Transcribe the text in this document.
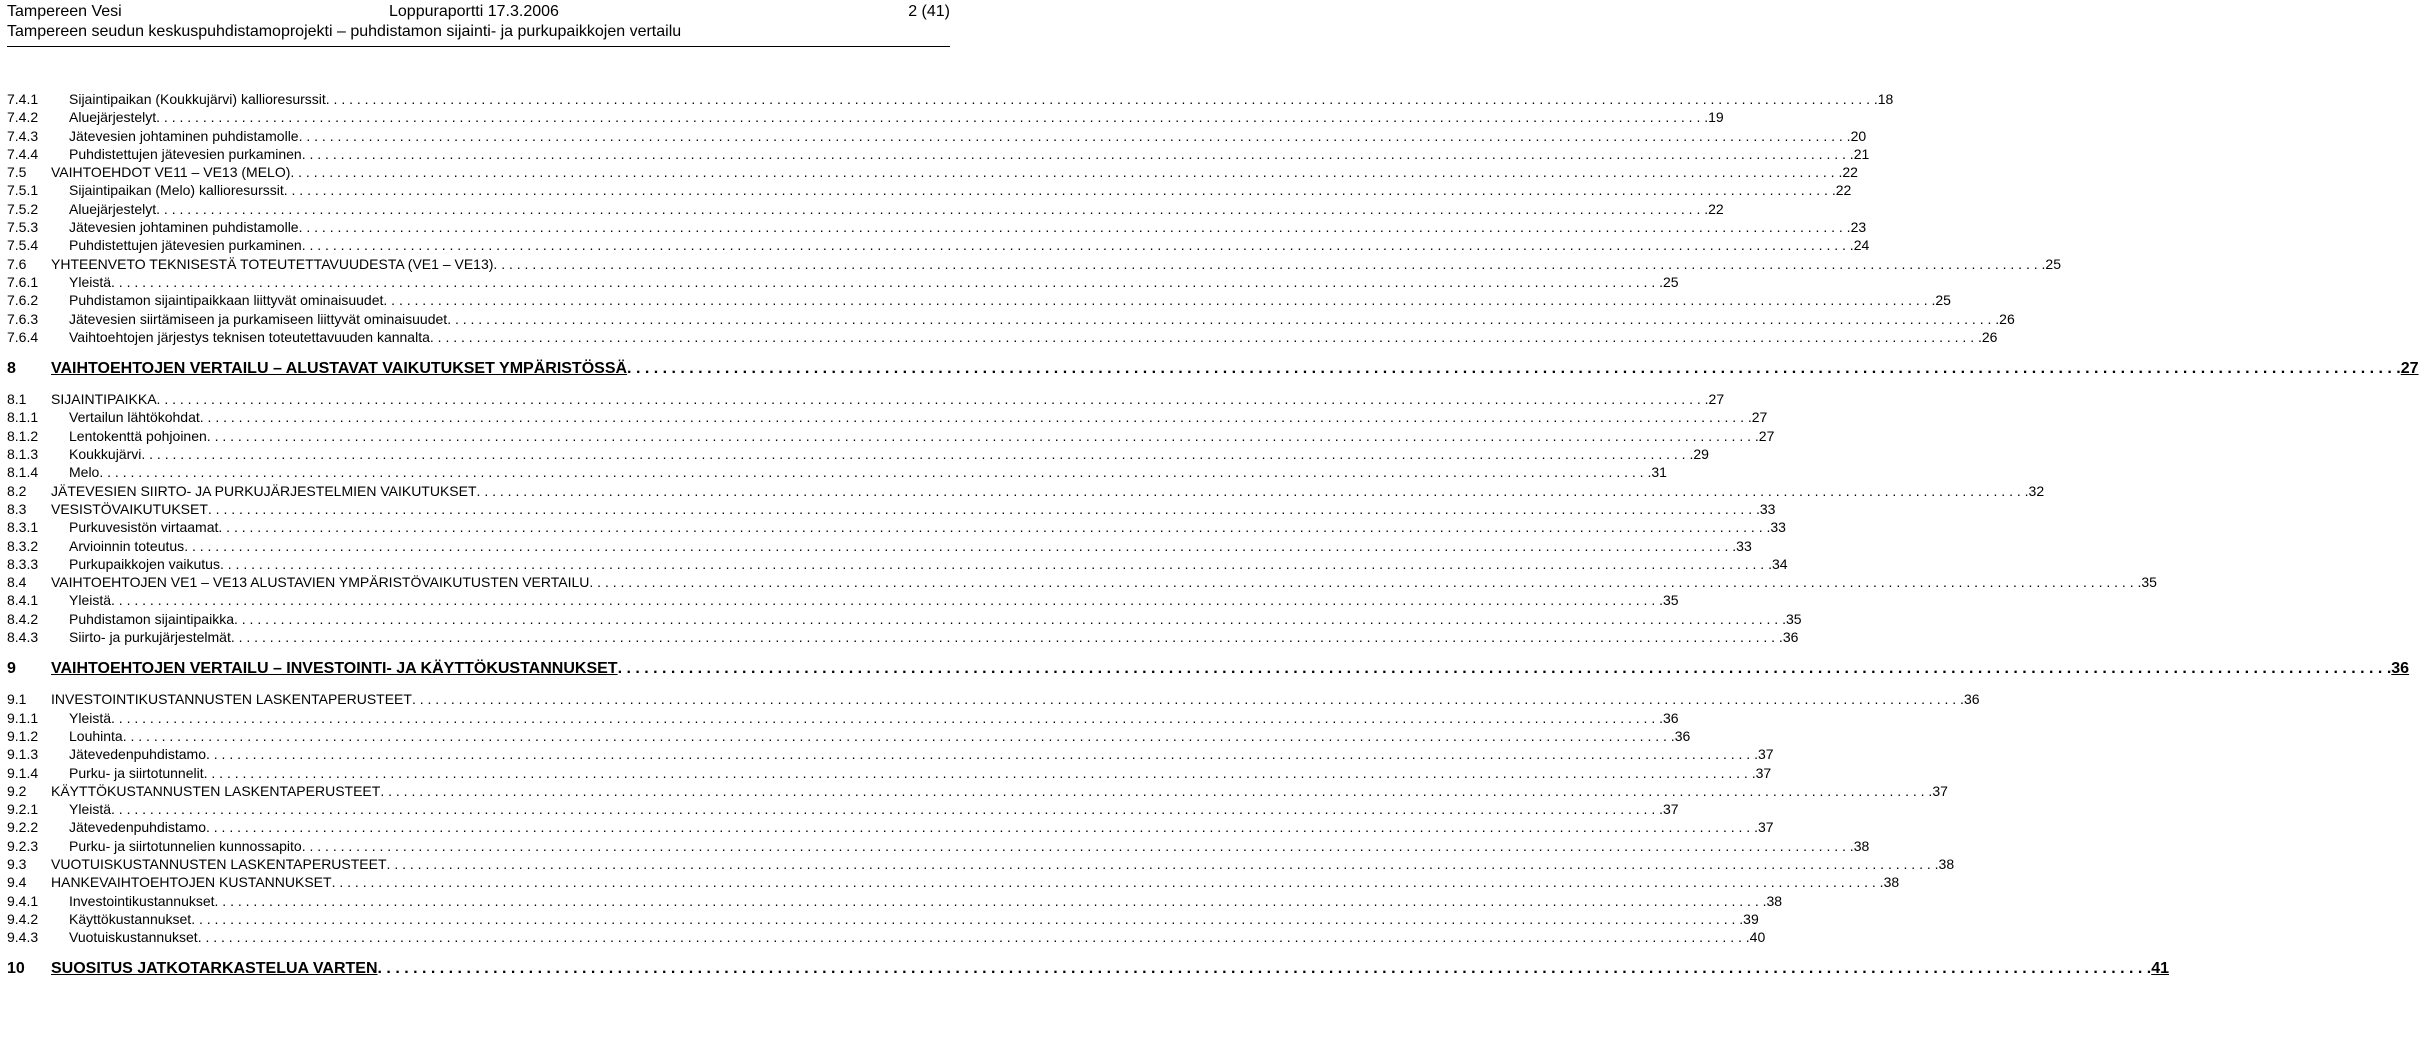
Tampereen Vesi	Loppuraportti 17.3.2006	2 (41)
Tampereen seudun keskuspuhdistamoprojekti – puhdistamon sijainti- ja purkupaikkojen vertailu
7.4.1 Sijaintipaikan (Koukkujärvi) kallioresurssit . . . . . . . . . . . . . . . . . . . . . . . . . . . . . . . . . . . . . . . . . . . . . . . . . . . . . . . . . . . . . . . . . . . . . . . . . . . . . . . . . . . . . . . . . . . . . . . . . . . . . . . . . . . . . . . . . . . . . . . . . . . . . . . . . . . . . . . . . . . . . . . . . . . . . . . . . . . . . . . . . . . . . . . . . . . . . . . . . . . . . . . . . . . . . . . . . . . . . . . . 18
7.4.2 Aluejärjestelyt . . . . . . . . . . . . . . . . . . . . . . . . . . . . . . . . . . . . . . . . . . . . . . . . . . . . . . . . . . . . . . . . . . . . . . . . . . . . . . . . . . . . . . . . . . . . . . . . . . . . . . . . . . . . . . . . . . . . . . . . . . . . . . . . . . . . . . . . . . . . . . . . . . . . . . . . . . . . . . . . . . . . . . . . . . . . . . . . . . . . . . . . . . . . . . . . . . . . . . . . 19
7.4.3 Jätevesien johtaminen puhdistamolle . . . . . . . . . . . . . . . . . . . . . . . . . . . . . . . . . . . . . . . . . . . . . . . . . . . . . . . . . . . . . . . . . . . . . . . . . . . . . . . . . . . . . . . . . . . . . . . . . . . . . . . . . . . . . . . . . . . . . . . . . . . . . . . . . . . . . . . . . . . . . . . . . . . . . . . . . . . . . . . . . . . . . . . . . . . . . . . . . . . . . . . . . . . . . . . . . . . . . . . . 20
7.4.4 Puhdistettujen jätevesien purkaminen . . . . . . . . . . . . . . . . . . . . . . . . . . . . . . . . . . . . . . . . . . . . . . . . . . . . . . . . . . . . . . . . . . . . . . . . . . . . . . . . . . . . . . . . . . . . . . . . . . . . . . . . . . . . . . . . . . . . . . . . . . . . . . . . . . . . . . . . . . . . . . . . . . . . . . . . . . . . . . . . . . . . . . . . . . . . . . . . . . . . . . . . . . . . . . . . . . . . . . . . 21
7.5 VAIHTOEHDOT VE11 – VE13 (MELO) . . . . . . . . . . . . . . . . . . . . . . . . . . . . . . . . . . . . . . . . . . . . . . . . . . . . . . . . . . . . . . . . . . . . . . . . . . . . . . . . . . . . . . . . . . . . . . . . . . . . . . . . . . . . . . . . . . . . . . . . . . . . . . . . . . . . . . . . . . . . . . . . . . . . . . . . . . . . . . . . . . . . . . . . . . . . . . . . . . . . . . . . . . . . . . . . . . . . . . . . 22
7.5.1 Sijaintipaikan (Melo) kallioresurssit . . . . . . . . . . . . . . . . . . . . . . . . . . . . . . . . . . . . . . . . . . . . . . . . . . . . . . . . . . . . . . . . . . . . . . . . . . . . . . . . . . . . . . . . . . . . . . . . . . . . . . . . . . . . . . . . . . . . . . . . . . . . . . . . . . . . . . . . . . . . . . . . . . . . . . . . . . . . . . . . . . . . . . . . . . . . . . . . . . . . . . . . . . . . . . . . . . . . . . . . 22
7.5.2 Aluejärjestelyt . . . . . . . . . . . . . . . . . . . . . . . . . . . . . . . . . . . . . . . . . . . . . . . . . . . . . . . . . . . . . . . . . . . . . . . . . . . . . . . . . . . . . . . . . . . . . . . . . . . . . . . . . . . . . . . . . . . . . . . . . . . . . . . . . . . . . . . . . . . . . . . . . . . . . . . . . . . . . . . . . . . . . . . . . . . . . . . . . . . . . . . . . . . . . . . . . . . . . . . . 22
7.5.3 Jätevesien johtaminen puhdistamolle . . . . . . . . . . . . . . . . . . . . . . . . . . . . . . . . . . . . . . . . . . . . . . . . . . . . . . . . . . . . . . . . . . . . . . . . . . . . . . . . . . . . . . . . . . . . . . . . . . . . . . . . . . . . . . . . . . . . . . . . . . . . . . . . . . . . . . . . . . . . . . . . . . . . . . . . . . . . . . . . . . . . . . . . . . . . . . . . . . . . . . . . . . . . . . . . . . . . . . . . 23
7.5.4 Puhdistettujen jätevesien purkaminen . . . . . . . . . . . . . . . . . . . . . . . . . . . . . . . . . . . . . . . . . . . . . . . . . . . . . . . . . . . . . . . . . . . . . . . . . . . . . . . . . . . . . . . . . . . . . . . . . . . . . . . . . . . . . . . . . . . . . . . . . . . . . . . . . . . . . . . . . . . . . . . . . . . . . . . . . . . . . . . . . . . . . . . . . . . . . . . . . . . . . . . . . . . . . . . . . . . . . . . . 24
7.6 YHTEENVETO TEKNISESTÄ TOTEUTETTAVUUDESTA (VE1 – VE13) . . . . . . . . . . . . . . . . . . . . . . . . . . . . . . . . . . . . . . . . . . . . . . . . . . . . . . . . . . . . . . . . . . . . . . . . . . . . . . . . . . . . . . . . . . . . . . . . . . . . . . . . . . . . . . . . . . . . . . . . . . . . . . . . . . . . . . . . . . . . . . . . . . . . . . . . . . . . . . . . . . . . . . . . . . . . . . . . . . . . . . . . . . . . . . . . . . . . . . . . 25
7.6.1 Yleistä . . . . . . . . . . . . . . . . . . . . . . . . . . . . . . . . . . . . . . . . . . . . . . . . . . . . . . . . . . . . . . . . . . . . . . . . . . . . . . . . . . . . . . . . . . . . . . . . . . . . . . . . . . . . . . . . . . . . . . . . . . . . . . . . . . . . . . . . . . . . . . . . . . . . . . . . . . . . . . . . . . . . . . . . . . . . . . . . . . . . . . . . . . . . . . . . . . . . . . . . 25
7.6.2 Puhdistamon sijaintipaikkaan liittyvät ominaisuudet . . . . . . . . . . . . . . . . . . . . . . . . . . . . . . . . . . . . . . . . . . . . . . . . . . . . . . . . . . . . . . . . . . . . . . . . . . . . . . . . . . . . . . . . . . . . . . . . . . . . . . . . . . . . . . . . . . . . . . . . . . . . . . . . . . . . . . . . . . . . . . . . . . . . . . . . . . . . . . . . . . . . . . . . . . . . . . . . . . . . . . . . . . . . . . . . . . . . . . . . 25
7.6.3 Jätevesien siirtämiseen ja purkamiseen liittyvät ominaisuudet . . . . . . . . . . . . . . . . . . . . . . . . . . . . . . . . . . . . . . . . . . . . . . . . . . . . . . . . . . . . . . . . . . . . . . . . . . . . . . . . . . . . . . . . . . . . . . . . . . . . . . . . . . . . . . . . . . . . . . . . . . . . . . . . . . . . . . . . . . . . . . . . . . . . . . . . . . . . . . . . . . . . . . . . . . . . . . . . . . . . . . . . . . . . . . . . . . . . . . . . 26
7.6.4 Vaihtoehtojen järjestys teknisen toteutettavuuden kannalta . . . . . . . . . . . . . . . . . . . . . . . . . . . . . . . . . . . . . . . . . . . . . . . . . . . . . . . . . . . . . . . . . . . . . . . . . . . . . . . . . . . . . . . . . . . . . . . . . . . . . . . . . . . . . . . . . . . . . . . . . . . . . . . . . . . . . . . . . . . . . . . . . . . . . . . . . . . . . . . . . . . . . . . . . . . . . . . . . . . . . . . . . . . . . . . . . . . . . . . . 26
8 VAIHTOEHTOJEN VERTAILU – ALUSTAVAT VAIKUTUKSET YMPÄRISTÖSSÄ . . . . . . . . . . . . . . . . . . . . . . . . . . . . . . . . . . . . . . . . . . . . . . . . . . . . . . . . . . . . . . . . . . . . . . . . . . . . . . . . . . . . . . . . . . . . . . . . . . . . . . . . . . . . . . . . . . . . . . . . . . . . . . . . . . . . . . . . . . . . . . . . . . . . . . . . . . . . . . . . . . . . . . . . . . . . . . . . . . . . . . . . . . . . . . . . . . . . . . . . 27
8.1 SIJAINTIPAIKKA . . . . . . . . . . . . . . . . . . . . . . . . . . . . . . . . . . . . . . . . . . . . . . . . . . . . . . . . . . . . . . . . . . . . . . . . . . . . . . . . . . . . . . . . . . . . . . . . . . . . . . . . . . . . . . . . . . . . . . . . . . . . . . . . . . . . . . . . . . . . . . . . . . . . . . . . . . . . . . . . . . . . . . . . . . . . . . . . . . . . . . . . . . . . . . . . . . . . . . . . 27
8.1.1 Vertailun lähtökohdat . . . . . . . . . . . . . . . . . . . . . . . . . . . . . . . . . . . . . . . . . . . . . . . . . . . . . . . . . . . . . . . . . . . . . . . . . . . . . . . . . . . . . . . . . . . . . . . . . . . . . . . . . . . . . . . . . . . . . . . . . . . . . . . . . . . . . . . . . . . . . . . . . . . . . . . . . . . . . . . . . . . . . . . . . . . . . . . . . . . . . . . . . . . . . . . . . . . . . . . . 27
8.1.2 Lentokenttä pohjoinen . . . . . . . . . . . . . . . . . . . . . . . . . . . . . . . . . . . . . . . . . . . . . . . . . . . . . . . . . . . . . . . . . . . . . . . . . . . . . . . . . . . . . . . . . . . . . . . . . . . . . . . . . . . . . . . . . . . . . . . . . . . . . . . . . . . . . . . . . . . . . . . . . . . . . . . . . . . . . . . . . . . . . . . . . . . . . . . . . . . . . . . . . . . . . . . . . . . . . . . . 27
8.1.3 Koukkujärvi . . . . . . . . . . . . . . . . . . . . . . . . . . . . . . . . . . . . . . . . . . . . . . . . . . . . . . . . . . . . . . . . . . . . . . . . . . . . . . . . . . . . . . . . . . . . . . . . . . . . . . . . . . . . . . . . . . . . . . . . . . . . . . . . . . . . . . . . . . . . . . . . . . . . . . . . . . . . . . . . . . . . . . . . . . . . . . . . . . . . . . . . . . . . . . . . . . . . . . . . 29
8.1.4 Melo . . . . . . . . . . . . . . . . . . . . . . . . . . . . . . . . . . . . . . . . . . . . . . . . . . . . . . . . . . . . . . . . . . . . . . . . . . . . . . . . . . . . . . . . . . . . . . . . . . . . . . . . . . . . . . . . . . . . . . . . . . . . . . . . . . . . . . . . . . . . . . . . . . . . . . . . . . . . . . . . . . . . . . . . . . . . . . . . . . . . . . . . . . . . . . . . . . . . . . . . 31
8.2 JÄTEVESIEN SIIRTO- JA PURKUJÄRJESTELMIEN VAIKUTUKSET . . . . . . . . . . . . . . . . . . . . . . . . . . . . . . . . . . . . . . . . . . . . . . . . . . . . . . . . . . . . . . . . . . . . . . . . . . . . . . . . . . . . . . . . . . . . . . . . . . . . . . . . . . . . . . . . . . . . . . . . . . . . . . . . . . . . . . . . . . . . . . . . . . . . . . . . . . . . . . . . . . . . . . . . . . . . . . . . . . . . . . . . . . . . . . . . . . . . . . . . 32
8.3 VESISTÖVAIKUTUKSET . . . . . . . . . . . . . . . . . . . . . . . . . . . . . . . . . . . . . . . . . . . . . . . . . . . . . . . . . . . . . . . . . . . . . . . . . . . . . . . . . . . . . . . . . . . . . . . . . . . . . . . . . . . . . . . . . . . . . . . . . . . . . . . . . . . . . . . . . . . . . . . . . . . . . . . . . . . . . . . . . . . . . . . . . . . . . . . . . . . . . . . . . . . . . . . . . . . . . . . . 33
8.3.1 Purkuvesistön virtaamat . . . . . . . . . . . . . . . . . . . . . . . . . . . . . . . . . . . . . . . . . . . . . . . . . . . . . . . . . . . . . . . . . . . . . . . . . . . . . . . . . . . . . . . . . . . . . . . . . . . . . . . . . . . . . . . . . . . . . . . . . . . . . . . . . . . . . . . . . . . . . . . . . . . . . . . . . . . . . . . . . . . . . . . . . . . . . . . . . . . . . . . . . . . . . . . . . . . . . . . . 33
8.3.2 Arvioinnin toteutus . . . . . . . . . . . . . . . . . . . . . . . . . . . . . . . . . . . . . . . . . . . . . . . . . . . . . . . . . . . . . . . . . . . . . . . . . . . . . . . . . . . . . . . . . . . . . . . . . . . . . . . . . . . . . . . . . . . . . . . . . . . . . . . . . . . . . . . . . . . . . . . . . . . . . . . . . . . . . . . . . . . . . . . . . . . . . . . . . . . . . . . . . . . . . . . . . . . . . . . . 33
8.3.3 Purkupaikkojen vaikutus . . . . . . . . . . . . . . . . . . . . . . . . . . . . . . . . . . . . . . . . . . . . . . . . . . . . . . . . . . . . . . . . . . . . . . . . . . . . . . . . . . . . . . . . . . . . . . . . . . . . . . . . . . . . . . . . . . . . . . . . . . . . . . . . . . . . . . . . . . . . . . . . . . . . . . . . . . . . . . . . . . . . . . . . . . . . . . . . . . . . . . . . . . . . . . . . . . . . . . . . 34
8.4 VAIHTOEHTOJEN VE1 – VE13 ALUSTAVIEN YMPÄRISTÖVAIKUTUSTEN VERTAILU . . . . . . . . . . . . . . . . . . . . . . . . . . . . . . . . . . . . . . . . . . . . . . . . . . . . . . . . . . . . . . . . . . . . . . . . . . . . . . . . . . . . . . . . . . . . . . . . . . . . . . . . . . . . . . . . . . . . . . . . . . . . . . . . . . . . . . . . . . . . . . . . . . . . . . . . . . . . . . . . . . . . . . . . . . . . . . . . . . . . . . . . . . . . . . . . . . . . . . . . 35
8.4.1 Yleistä . . . . . . . . . . . . . . . . . . . . . . . . . . . . . . . . . . . . . . . . . . . . . . . . . . . . . . . . . . . . . . . . . . . . . . . . . . . . . . . . . . . . . . . . . . . . . . . . . . . . . . . . . . . . . . . . . . . . . . . . . . . . . . . . . . . . . . . . . . . . . . . . . . . . . . . . . . . . . . . . . . . . . . . . . . . . . . . . . . . . . . . . . . . . . . . . . . . . . . . . 35
8.4.2 Puhdistamon sijaintipaikka . . . . . . . . . . . . . . . . . . . . . . . . . . . . . . . . . . . . . . . . . . . . . . . . . . . . . . . . . . . . . . . . . . . . . . . . . . . . . . . . . . . . . . . . . . . . . . . . . . . . . . . . . . . . . . . . . . . . . . . . . . . . . . . . . . . . . . . . . . . . . . . . . . . . . . . . . . . . . . . . . . . . . . . . . . . . . . . . . . . . . . . . . . . . . . . . . . . . . . . . 35
8.4.3 Siirto- ja purkujärjestelmät . . . . . . . . . . . . . . . . . . . . . . . . . . . . . . . . . . . . . . . . . . . . . . . . . . . . . . . . . . . . . . . . . . . . . . . . . . . . . . . . . . . . . . . . . . . . . . . . . . . . . . . . . . . . . . . . . . . . . . . . . . . . . . . . . . . . . . . . . . . . . . . . . . . . . . . . . . . . . . . . . . . . . . . . . . . . . . . . . . . . . . . . . . . . . . . . . . . . . . . . 36
9 VAIHTOEHTOJEN VERTAILU – INVESTOINTI- JA KÄYTTÖKUSTANNUKSET . . . . . . . . . . . . . . . . . . . . . . . . . . . . . . . . . . . . . . . . . . . . . . . . . . . . . . . . . . . . . . . . . . . . . . . . . . . . . . . . . . . . . . . . . . . . . . . . . . . . . . . . . . . . . . . . . . . . . . . . . . . . . . . . . . . . . . . . . . . . . . . . . . . . . . . . . . . . . . . . . . . . . . . . . . . . . . . . . . . . . . . . . . . . . . . . . . . . . . . . 36
9.1 INVESTOINTIKUSTANNUSTEN LASKENTAPERUSTEET . . . . . . . . . . . . . . . . . . . . . . . . . . . . . . . . . . . . . . . . . . . . . . . . . . . . . . . . . . . . . . . . . . . . . . . . . . . . . . . . . . . . . . . . . . . . . . . . . . . . . . . . . . . . . . . . . . . . . . . . . . . . . . . . . . . . . . . . . . . . . . . . . . . . . . . . . . . . . . . . . . . . . . . . . . . . . . . . . . . . . . . . . . . . . . . . . . . . . . . . 36
9.1.1 Yleistä . . . . . . . . . . . . . . . . . . . . . . . . . . . . . . . . . . . . . . . . . . . . . . . . . . . . . . . . . . . . . . . . . . . . . . . . . . . . . . . . . . . . . . . . . . . . . . . . . . . . . . . . . . . . . . . . . . . . . . . . . . . . . . . . . . . . . . . . . . . . . . . . . . . . . . . . . . . . . . . . . . . . . . . . . . . . . . . . . . . . . . . . . . . . . . . . . . . . . . . . 36
9.1.2 Louhinta . . . . . . . . . . . . . . . . . . . . . . . . . . . . . . . . . . . . . . . . . . . . . . . . . . . . . . . . . . . . . . . . . . . . . . . . . . . . . . . . . . . . . . . . . . . . . . . . . . . . . . . . . . . . . . . . . . . . . . . . . . . . . . . . . . . . . . . . . . . . . . . . . . . . . . . . . . . . . . . . . . . . . . . . . . . . . . . . . . . . . . . . . . . . . . . . . . . . . . . . 36
9.1.3 Jätevedenpuhdistamo . . . . . . . . . . . . . . . . . . . . . . . . . . . . . . . . . . . . . . . . . . . . . . . . . . . . . . . . . . . . . . . . . . . . . . . . . . . . . . . . . . . . . . . . . . . . . . . . . . . . . . . . . . . . . . . . . . . . . . . . . . . . . . . . . . . . . . . . . . . . . . . . . . . . . . . . . . . . . . . . . . . . . . . . . . . . . . . . . . . . . . . . . . . . . . . . . . . . . . . . 37
9.1.4 Purku- ja siirtotunnelit . . . . . . . . . . . . . . . . . . . . . . . . . . . . . . . . . . . . . . . . . . . . . . . . . . . . . . . . . . . . . . . . . . . . . . . . . . . . . . . . . . . . . . . . . . . . . . . . . . . . . . . . . . . . . . . . . . . . . . . . . . . . . . . . . . . . . . . . . . . . . . . . . . . . . . . . . . . . . . . . . . . . . . . . . . . . . . . . . . . . . . . . . . . . . . . . . . . . . . . . 37
9.2 KÄYTTÖKUSTANNUSTEN LASKENTAPERUSTEET . . . . . . . . . . . . . . . . . . . . . . . . . . . . . . . . . . . . . . . . . . . . . . . . . . . . . . . . . . . . . . . . . . . . . . . . . . . . . . . . . . . . . . . . . . . . . . . . . . . . . . . . . . . . . . . . . . . . . . . . . . . . . . . . . . . . . . . . . . . . . . . . . . . . . . . . . . . . . . . . . . . . . . . . . . . . . . . . . . . . . . . . . . . . . . . . . . . . . . . . 37
9.2.1 Yleistä . . . . . . . . . . . . . . . . . . . . . . . . . . . . . . . . . . . . . . . . . . . . . . . . . . . . . . . . . . . . . . . . . . . . . . . . . . . . . . . . . . . . . . . . . . . . . . . . . . . . . . . . . . . . . . . . . . . . . . . . . . . . . . . . . . . . . . . . . . . . . . . . . . . . . . . . . . . . . . . . . . . . . . . . . . . . . . . . . . . . . . . . . . . . . . . . . . . . . . . . 37
9.2.2 Jätevedenpuhdistamo . . . . . . . . . . . . . . . . . . . . . . . . . . . . . . . . . . . . . . . . . . . . . . . . . . . . . . . . . . . . . . . . . . . . . . . . . . . . . . . . . . . . . . . . . . . . . . . . . . . . . . . . . . . . . . . . . . . . . . . . . . . . . . . . . . . . . . . . . . . . . . . . . . . . . . . . . . . . . . . . . . . . . . . . . . . . . . . . . . . . . . . . . . . . . . . . . . . . . . . . 37
9.2.3 Purku- ja siirtotunnelien kunnossapito . . . . . . . . . . . . . . . . . . . . . . . . . . . . . . . . . . . . . . . . . . . . . . . . . . . . . . . . . . . . . . . . . . . . . . . . . . . . . . . . . . . . . . . . . . . . . . . . . . . . . . . . . . . . . . . . . . . . . . . . . . . . . . . . . . . . . . . . . . . . . . . . . . . . . . . . . . . . . . . . . . . . . . . . . . . . . . . . . . . . . . . . . . . . . . . . . . . . . . . . 38
9.3 VUOTUISKUSTANNUSTEN LASKENTAPERUSTEET . . . . . . . . . . . . . . . . . . . . . . . . . . . . . . . . . . . . . . . . . . . . . . . . . . . . . . . . . . . . . . . . . . . . . . . . . . . . . . . . . . . . . . . . . . . . . . . . . . . . . . . . . . . . . . . . . . . . . . . . . . . . . . . . . . . . . . . . . . . . . . . . . . . . . . . . . . . . . . . . . . . . . . . . . . . . . . . . . . . . . . . . . . . . . . . . . . . . . . . . 38
9.4 HANKEVAIHTOEHTOJEN KUSTANNUKSET . . . . . . . . . . . . . . . . . . . . . . . . . . . . . . . . . . . . . . . . . . . . . . . . . . . . . . . . . . . . . . . . . . . . . . . . . . . . . . . . . . . . . . . . . . . . . . . . . . . . . . . . . . . . . . . . . . . . . . . . . . . . . . . . . . . . . . . . . . . . . . . . . . . . . . . . . . . . . . . . . . . . . . . . . . . . . . . . . . . . . . . . . . . . . . . . . . . . . . . . 38
9.4.1 Investointikustannukset . . . . . . . . . . . . . . . . . . . . . . . . . . . . . . . . . . . . . . . . . . . . . . . . . . . . . . . . . . . . . . . . . . . . . . . . . . . . . . . . . . . . . . . . . . . . . . . . . . . . . . . . . . . . . . . . . . . . . . . . . . . . . . . . . . . . . . . . . . . . . . . . . . . . . . . . . . . . . . . . . . . . . . . . . . . . . . . . . . . . . . . . . . . . . . . . . . . . . . . . 38
9.4.2 Käyttökustannukset . . . . . . . . . . . . . . . . . . . . . . . . . . . . . . . . . . . . . . . . . . . . . . . . . . . . . . . . . . . . . . . . . . . . . . . . . . . . . . . . . . . . . . . . . . . . . . . . . . . . . . . . . . . . . . . . . . . . . . . . . . . . . . . . . . . . . . . . . . . . . . . . . . . . . . . . . . . . . . . . . . . . . . . . . . . . . . . . . . . . . . . . . . . . . . . . . . . . . . . . 39
9.4.3 Vuotuiskustannukset . . . . . . . . . . . . . . . . . . . . . . . . . . . . . . . . . . . . . . . . . . . . . . . . . . . . . . . . . . . . . . . . . . . . . . . . . . . . . . . . . . . . . . . . . . . . . . . . . . . . . . . . . . . . . . . . . . . . . . . . . . . . . . . . . . . . . . . . . . . . . . . . . . . . . . . . . . . . . . . . . . . . . . . . . . . . . . . . . . . . . . . . . . . . . . . . . . . . . . . . 40
10 SUOSITUS JATKOTARKASTELUA VARTEN . . . . . . . . . . . . . . . . . . . . . . . . . . . . . . . . . . . . . . . . . . . . . . . . . . . . . . . . . . . . . . . . . . . . . . . . . . . . . . . . . . . . . . . . . . . . . . . . . . . . . . . . . . . . . . . . . . . . . . . . . . . . . . . . . . . . . . . . . . . . . . . . . . . . . . . . . . . . . . . . . . . . . . . . . . . . . . . . . . . . . . . . . . . . . . . . . . . . . . . . 41
